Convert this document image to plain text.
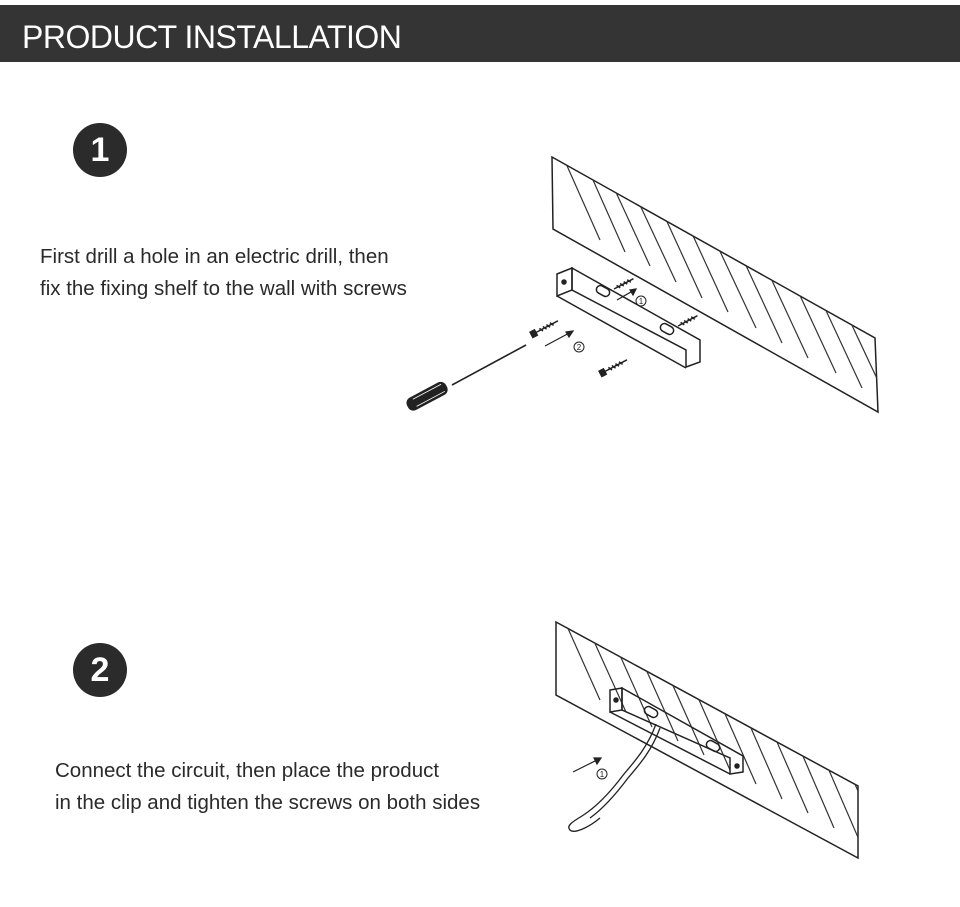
PRODUCT INSTALLATION
1
First drill a hole in an electric drill, then
fix the fixing shelf to the wall with screws
1
2
1
2
Connect the circuit, then place the product
in the clip and tighten the screws on both sides
